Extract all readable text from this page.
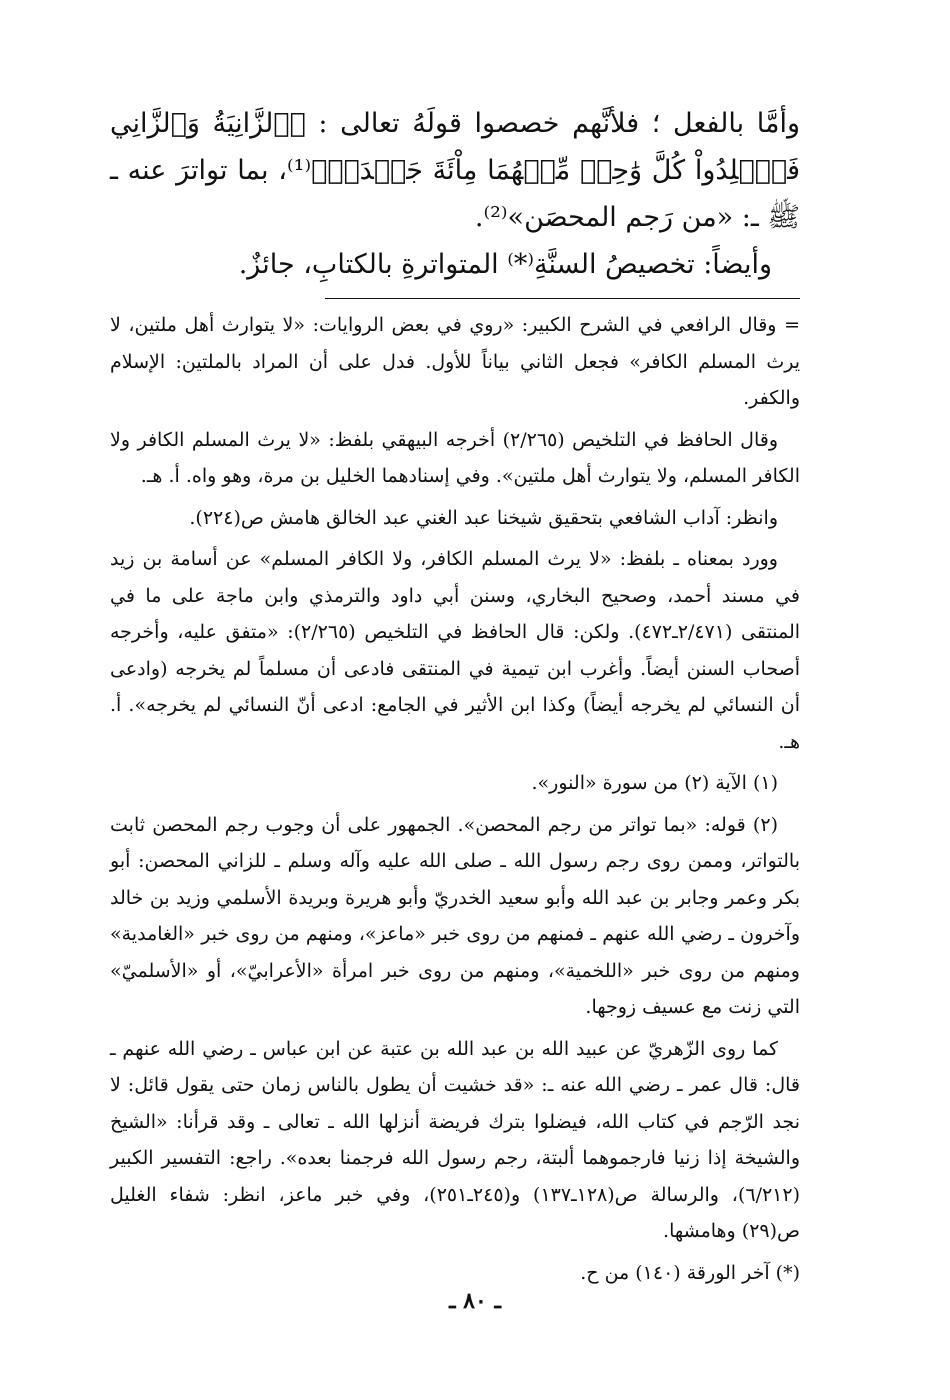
وأمَّا بالفعل ؛ فلأنَّهم خصصوا قولَهُ تعالى : ﴿ٱلزَّانِيَةُ وَٱلزَّانِي فَٱجۡلِدُواْ كُلَّ وَٰحِدٖ مِّنۡهُمَا مِاْئَةَ جَلۡدَةٖ﴾⁽¹⁾، بما تواترَ عنه ـ ﷺ ـ: «من رَجم المحصَن»⁽²⁾.

وأيضاً: تخصيصُ السنَّةِ⁽*⁾ المتواترةِ بالكتابِ، جائزٌ.

= وقال الرافعي في الشرح الكبير: «روي في بعض الروايات: «لا يتوارث أهل ملتين، لا يرث المسلم الكافر» فجعل الثاني بياناً للأول. فدل على أن المراد بالملتين: الإسلام والكفر.

وقال الحافظ في التلخيص (٢/٢٦٥) أخرجه البيهقي بلفظ: «لا يرث المسلم الكافر ولا الكافر المسلم، ولا يتوارث أهل ملتين». وفي إسنادهما الخليل بن مرة، وهو واه. أ. هـ.

وانظر: آداب الشافعي بتحقيق شيخنا عبد الغني عبد الخالق هامش ص(٢٢٤).

وورد بمعناه ـ بلفظ: «لا يرث المسلم الكافر، ولا الكافر المسلم» عن أسامة بن زيد في مسند أحمد، وصحيح البخاري، وسنن أبي داود والترمذي وابن ماجة على ما في المنتقى (٢/٤٧١ـ٤٧٢). ولكن: قال الحافظ في التلخيص (٢/٢٦٥): «متفق عليه، وأخرجه أصحاب السنن أيضاً. وأغرب ابن تيمية في المنتقى فادعى أن مسلماً لم يخرجه (وادعى أن النسائي لم يخرجه أيضاً) وكذا ابن الأثير في الجامع: ادعى أنّ النسائي لم يخرجه». أ. هـ.

(١) الآية (٢) من سورة «النور».

(٢) قوله: «بما تواتر من رجم المحصن». الجمهور على أن وجوب رجم المحصن ثابت بالتواتر، وممن روى رجم رسول الله ـ صلى الله عليه وآله وسلم ـ للزاني المحصن: أبو بكر وعمر وجابر بن عبد الله وأبو سعيد الخدريّ وأبو هريرة وبريدة الأسلمي وزيد بن خالد وآخرون ـ رضي الله عنهم ـ فمنهم من روى خبر «ماعز»، ومنهم من روى خبر «الغامدية» ومنهم من روى خبر «اللخمية»، ومنهم من روى خبر امرأة «الأعرابيّ»، أو «الأسلميّ» التي زنت مع عسيف زوجها.

كما روى الزّهريّ عن عبيد الله بن عبد الله بن عتبة عن ابن عباس ـ رضي الله عنهم ـ قال: قال عمر ـ رضي الله عنه ـ: «قد خشيت أن يطول بالناس زمان حتى يقول قائل: لا نجد الرّجم في كتاب الله، فيضلوا بترك فريضة أنزلها الله ـ تعالى ـ وقد قرأنا: «الشيخ والشيخة إذا زنيا فارجموهما ألبتة، رجم رسول الله فرجمنا بعده». راجع: التفسير الكبير (٦/٢١٢)، والرسالة ص(١٢٨ـ١٣٧) و(٢٤٥ـ٢٥١)، وفي خبر ماعز، انظر: شفاء الغليل ص(٢٩) وهامشها.

(*) آخر الورقة (١٤٠) من ح.

ـ ٨٠ ـ
